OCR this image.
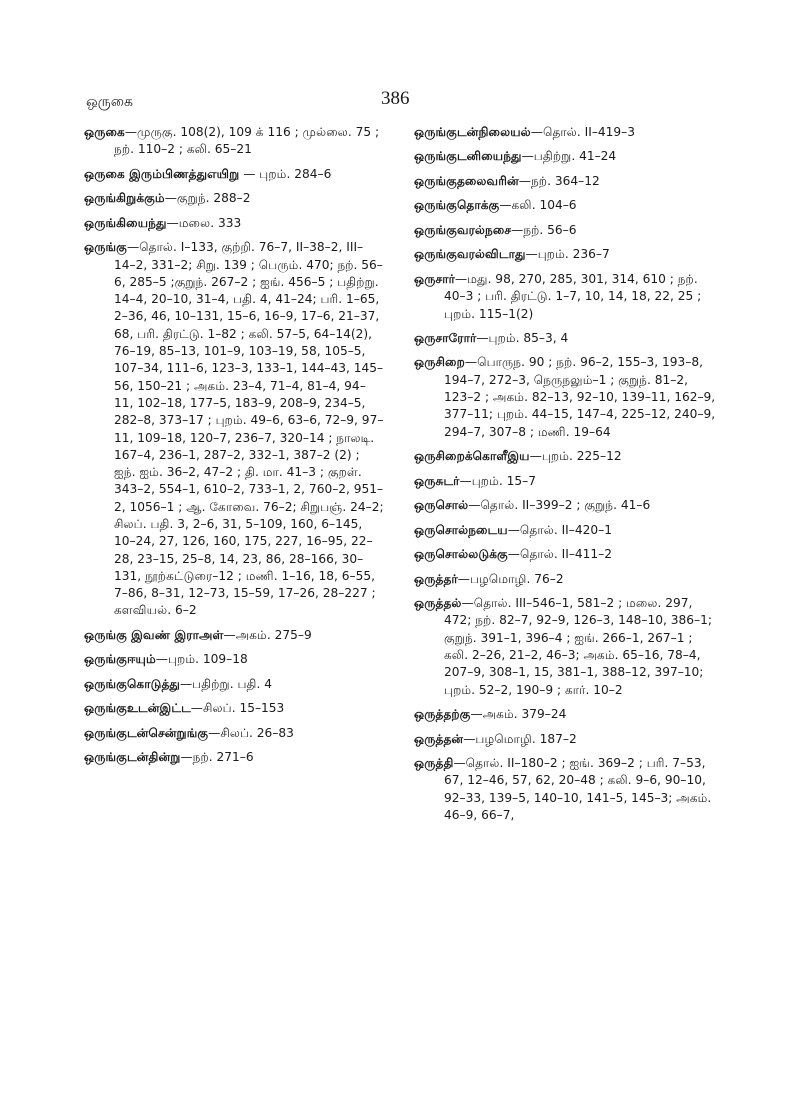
ஒருகை	386
ஒருகை—முருகு. 108(2), 109 க் 116 ; முல்லை. 75 ; நற். 110–2 ; கலி. 65–21
ஒருகை இரும்பிணத்துஎயிறு — புறம். 284–6
ஒருங்கிறுக்கும்—குறுந். 288–2
ஒருங்கியைந்து—மலை. 333
ஒருங்கு—தொல். I–133, குற்றி. 76–7, II–38–2, III–14–2, 331–2; சிறு. 139 ; பெரும். 470; நற். 56–6, 285–5 ;குறுந். 267–2 ; ஐங். 456–5 ; பதிற்று. 14–4, 20–10, 31–4, பதி. 4, 41–24; பரி. 1–65, 2–36, 46, 10–131, 15–6, 16–9, 17–6, 21–37, 68, பரி. திரட்டு. 1–82 ; கலி. 57–5, 64–14(2), 76–19, 85–13, 101–9, 103–19, 58, 105–5, 107–34, 111–6, 123–3, 133–1, 144–43, 145–56, 150–21 ; அகம். 23–4, 71–4, 81–4, 94–11, 102–18, 177–5, 183–9, 208–9, 234–5, 282–8, 373–17 ; புறம். 49–6, 63–6, 72–9, 97–11, 109–18, 120–7, 236–7, 320–14 ; நாலடி. 167–4, 236–1, 287–2, 332–1, 387–2 (2) ; ஐந். ஐம். 36–2, 47–2 ; தி. மா. 41–3 ; குறள். 343–2, 554–1, 610–2, 733–1, 2, 760–2, 951–2, 1056–1 ; ஆ. கோவை. 76–2; சிறுபஞ். 24–2; சிலப். பதி. 3, 2–6, 31, 5–109, 160, 6–145, 10–24, 27, 126, 160, 175, 227, 16–95, 22–28, 23–15, 25–8, 14, 23, 86, 28–166, 30–131, நூற்கட்டுரை–12 ; மணி. 1–16, 18, 6–55, 7–86, 8–31, 12–73, 15–59, 17–26, 28–227 ; களவியல். 6–2
ஒருங்கு இவண் இராஅள்—அகம். 275–9
ஒருங்குஈயும்—புறம். 109–18
ஒருங்குகொடுத்து—பதிற்று. பதி. 4
ஒருங்குஉடன்இட்ட—சிலப். 15–153
ஒருங்குடன்சென்றுங்கு—சிலப். 26–83
ஒருங்குடன்தின்று—நற். 271–6
ஒருங்குடன்நிலையல்—தொல். II–419–3
ஒருங்குடனியைந்து—பதிற்று. 41–24
ஒருங்குதலைவரின்—நற். 364–12
ஒருங்குதொக்கு—கலி. 104–6
ஒருங்குவரல்நசை—நற். 56–6
ஒருங்குவரல்விடாது—புறம். 236–7
ஒருசார்—மது. 98, 270, 285, 301, 314, 610 ; நற். 40–3 ; பரி. திரட்டு. 1–7, 10, 14, 18, 22, 25 ; புறம். 115–1(2)
ஒருசாரோர்—புறம். 85–3, 4
ஒருசிறை—பொருந. 90 ; நற். 96–2, 155–3, 193–8, 194–7, 272–3, நெருநலும்–1 ; குறுந். 81–2, 123–2 ; அகம். 82–13, 92–10, 139–11, 162–9, 377–11; புறம். 44–15, 147–4, 225–12, 240–9, 294–7, 307–8 ; மணி. 19–64
ஒருசிறைக்கொளீஇய—புறம். 225–12
ஒருசுடர்—புறம். 15–7
ஒருசொல்—தொல். II–399–2 ; குறுந். 41–6
ஒருசொல்நடைய—தொல். II–420–1
ஒருசொல்லடுக்கு—தொல். II–411–2
ஒருத்தர்—பழமொழி. 76–2
ஒருத்தல்—தொல். III–546–1, 581–2 ; மலை. 297, 472; நற். 82–7, 92–9, 126–3, 148–10, 386–1; குறுந். 391–1, 396–4 ; ஐங். 266–1, 267–1 ; கலி. 2–26, 21–2, 46–3; அகம். 65–16, 78–4, 207–9, 308–1, 15, 381–1, 388–12, 397–10; புறம். 52–2, 190–9 ; கார். 10–2
ஒருத்தற்கு—அகம். 379–24
ஒருத்தன்—பழமொழி. 187–2
ஒருத்தி—தொல். II–180–2 ; ஐங். 369–2 ; பரி. 7–53, 67, 12–46, 57, 62, 20–48 ; கலி. 9–6, 90–10, 92–33, 139–5, 140–10, 141–5, 145–3; அகம். 46–9, 66–7,
